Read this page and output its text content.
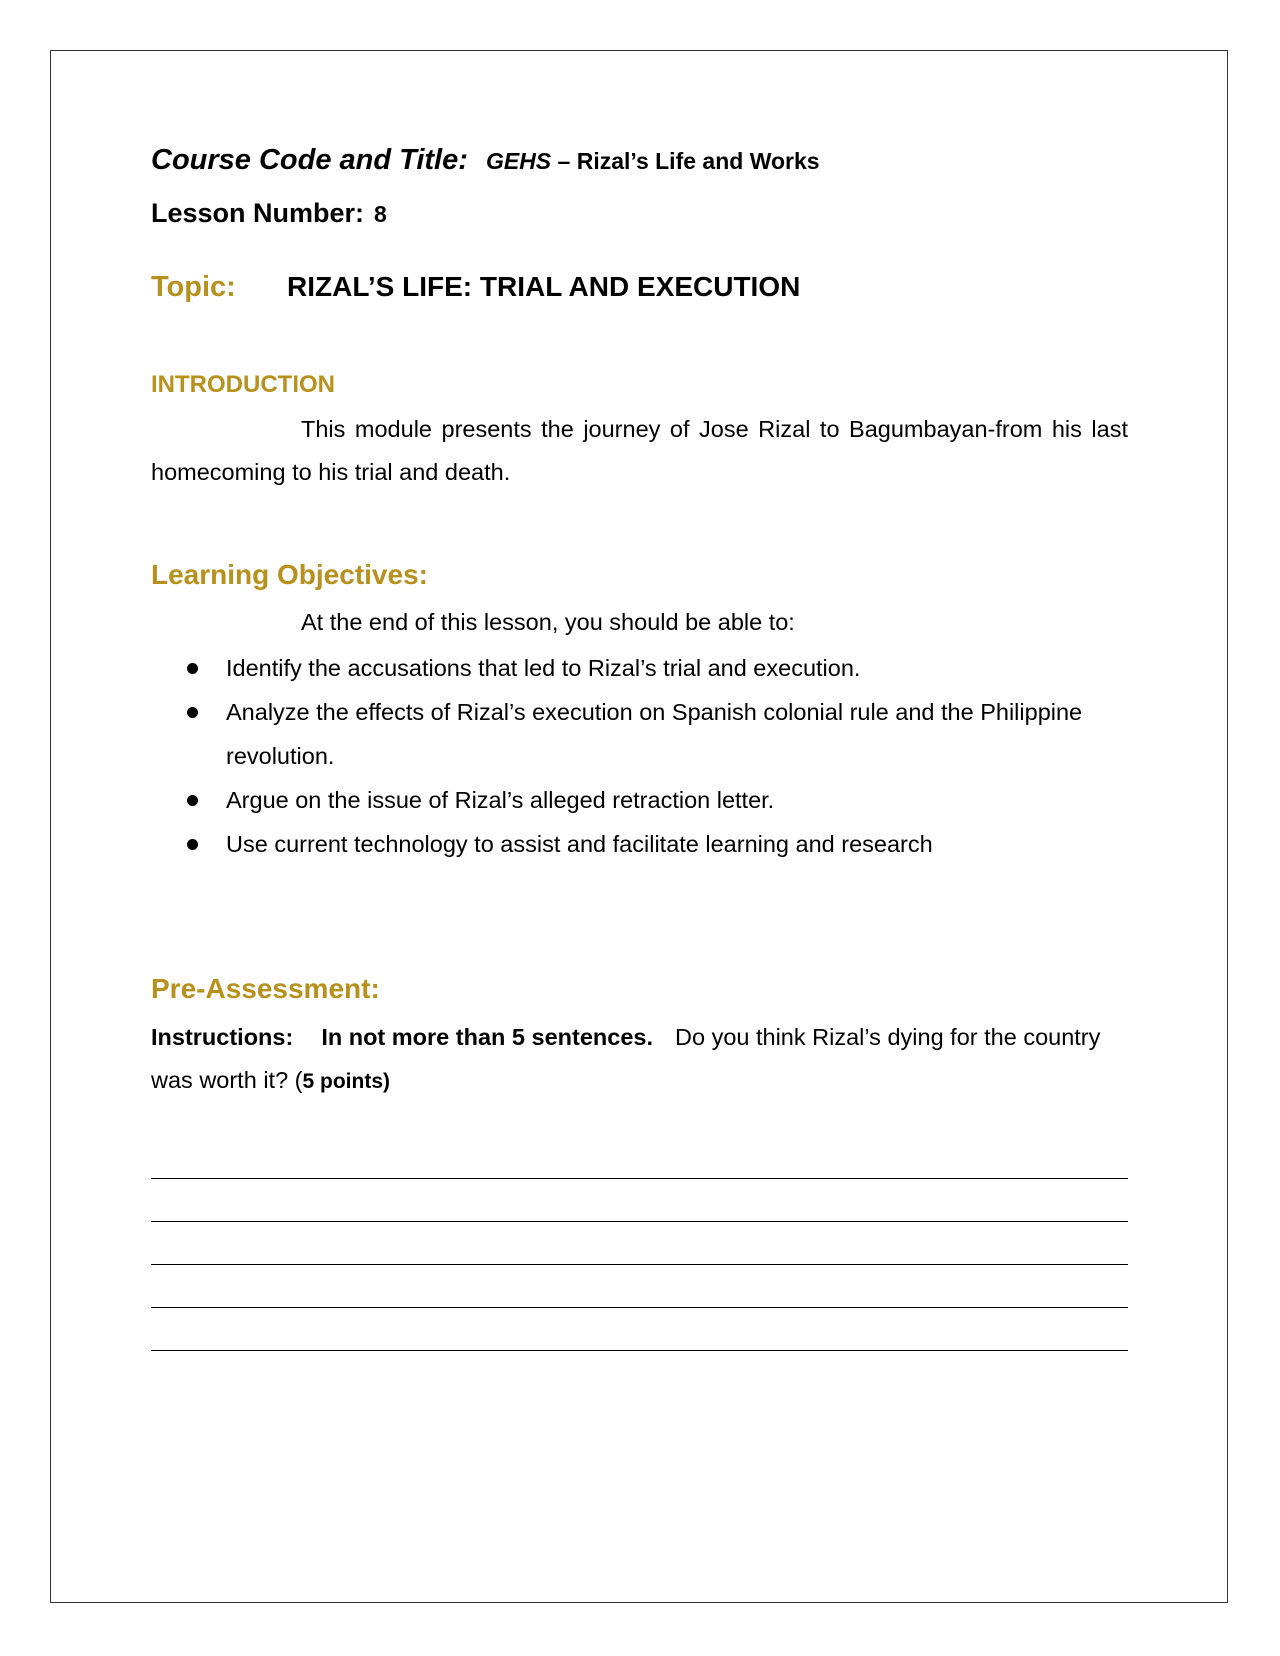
Course Code and Title: GEHS – Rizal’s Life and Works
Lesson Number: 8
Topic: RIZAL’S LIFE: TRIAL AND EXECUTION
INTRODUCTION
This module presents the journey of Jose Rizal to Bagumbayan-from his last homecoming to his trial and death.
Learning Objectives:
At the end of this lesson, you should be able to:
Identify the accusations that led to Rizal’s trial and execution.
Analyze the effects of Rizal’s execution on Spanish colonial rule and the Philippine revolution.
Argue on the issue of Rizal’s alleged retraction letter.
Use current technology to assist and facilitate learning and research
Pre-Assessment:
Instructions: In not more than 5 sentences. Do you think Rizal’s dying for the country was worth it? (5 points)
